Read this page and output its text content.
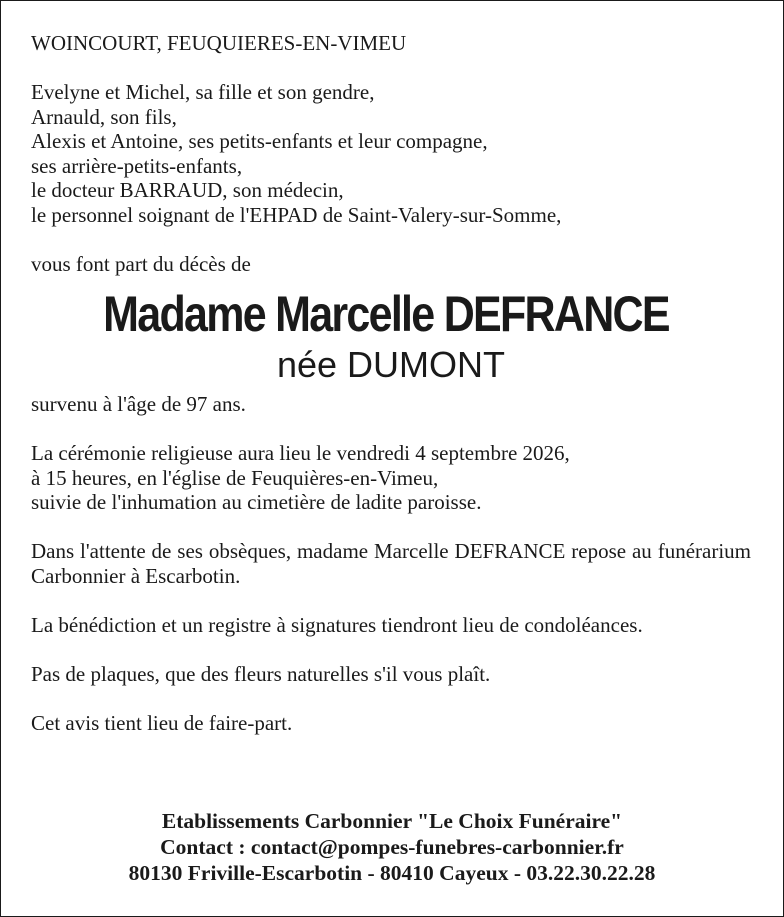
WOINCOURT, FEUQUIERES-EN-VIMEU
Evelyne et Michel, sa fille et son gendre,
Arnauld, son fils,
Alexis et Antoine, ses petits-enfants et leur compagne,
ses arrière-petits-enfants,
le docteur BARRAUD, son médecin,
le personnel soignant de l'EHPAD de Saint-Valery-sur-Somme,
vous font part du décès de
Madame Marcelle DEFRANCE
née DUMONT
survenu à l'âge de 97 ans.
La cérémonie religieuse aura lieu le vendredi 4 septembre 2026,
à 15 heures, en l'église de Feuquières-en-Vimeu,
suivie de l'inhumation au cimetière de ladite paroisse.

Dans l'attente de ses obsèques, madame Marcelle DEFRANCE repose au funérarium Carbonnier à Escarbotin.

La bénédiction et un registre à signatures tiendront lieu de condoléances.

Pas de plaques, que des fleurs naturelles s'il vous plaît.
Cet avis tient lieu de faire-part.
Etablissements Carbonnier "Le Choix Funéraire"
Contact : contact@pompes-funebres-carbonnier.fr
80130 Friville-Escarbotin - 80410 Cayeux - 03.22.30.22.28
